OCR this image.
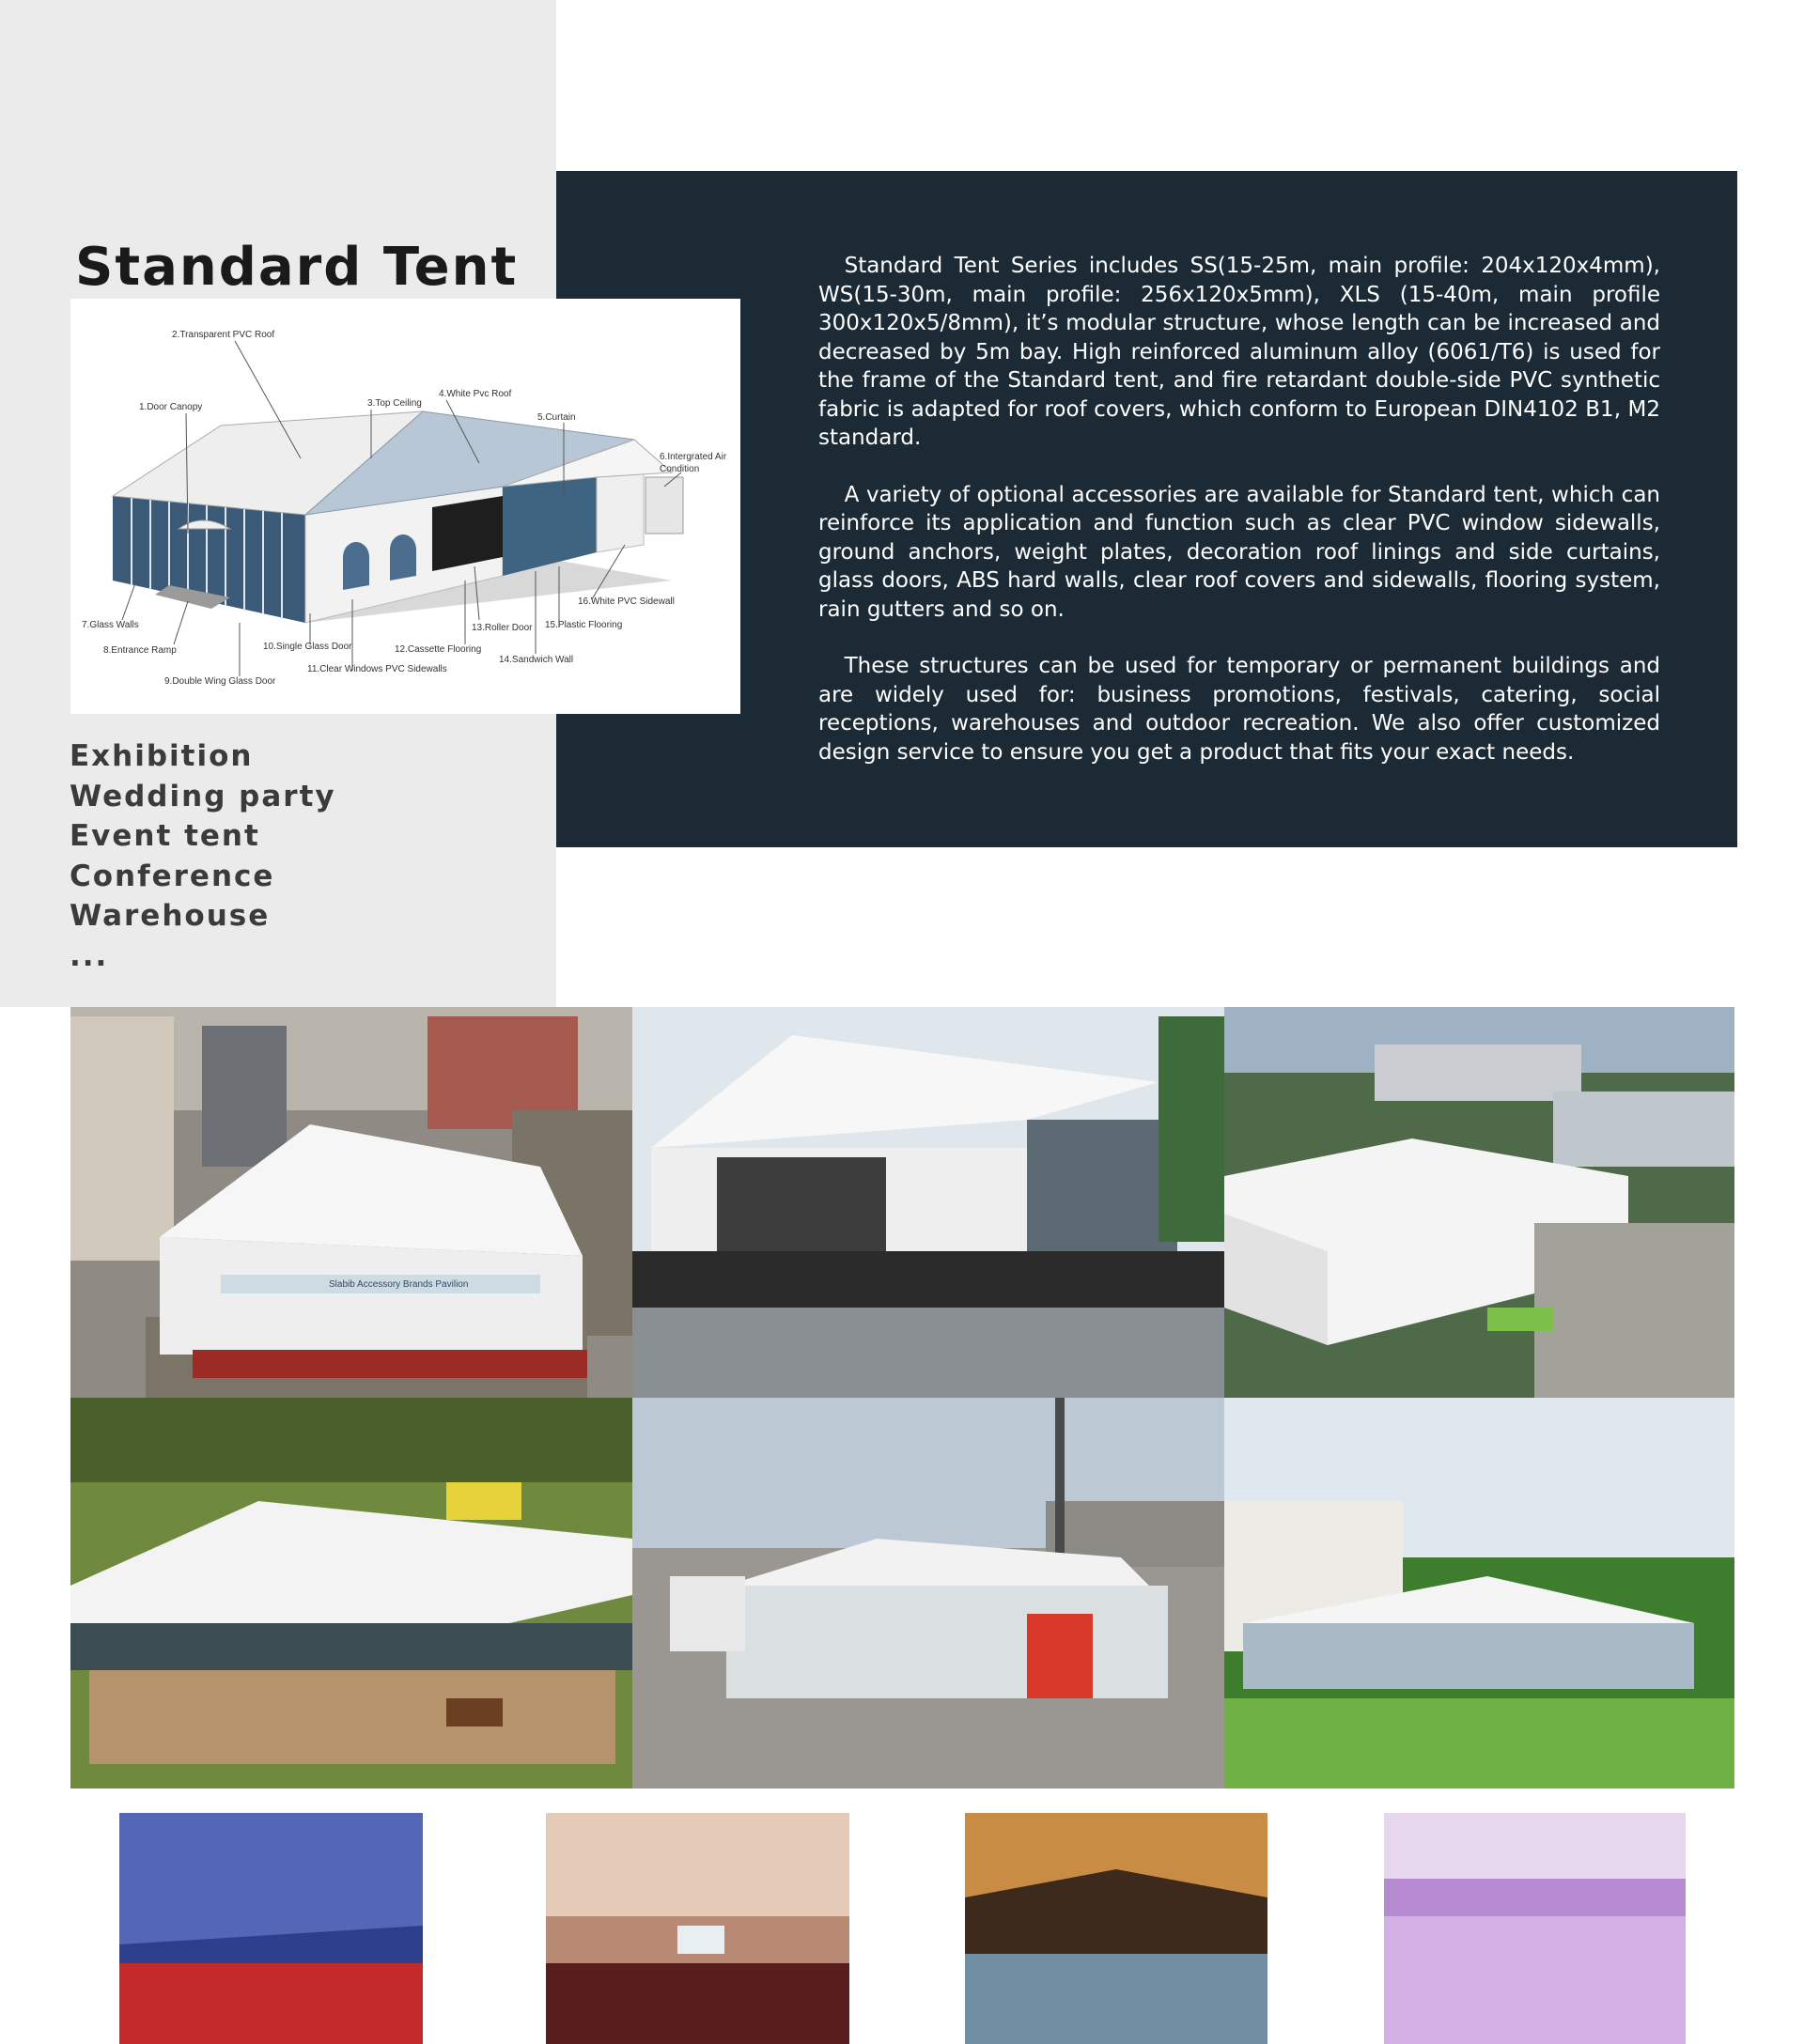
Standard Tent
2.Transparent PVC Roof
1.Door Canopy	3.Top Ceiling
4.White Pvc Roof
5.Curtain
6.Intergrated Air Condition
7.Glass Walls
8.Entrance Ramp
9.Double Wing Glass Door
10.Single Glass Door
11.Clear Windows PVC Sidewalls
12.Cassette Flooring
13.Roller Door
14.Sandwich Wall
15.Plastic Flooring
16.White PVC Sidewall
Exhibition
Wedding party
Event tent
Conference
Warehouse
...

Standard Tent Series includes SS(15-25m, main profile: 204x120x4mm), WS(15-30m, main profile: 256x120x5mm), XLS (15-40m, main profile 300x120x5/8mm), it’s modular structure, whose length can be increased and decreased by 5m bay. High reinforced aluminum alloy (6061/T6) is used for the frame of the Standard tent, and fire retardant double-side PVC synthetic fabric is adapted for roof covers, which conform to European DIN4102 B1, M2 standard.

A variety of optional accessories are available for Standard tent, which can reinforce its application and function such as clear PVC window sidewalls, ground anchors, weight plates, decoration roof linings and side curtains, glass doors, ABS hard walls, clear roof covers and sidewalls, flooring system, rain gutters and so on.

These structures can be used for temporary or permanent buildings and are widely used for: business promotions, festivals, catering, social receptions, warehouses and outdoor recreation. We also offer customized design service to ensure you get a product that fits your exact needs.

Slabib Accessory Brands Pavilion
